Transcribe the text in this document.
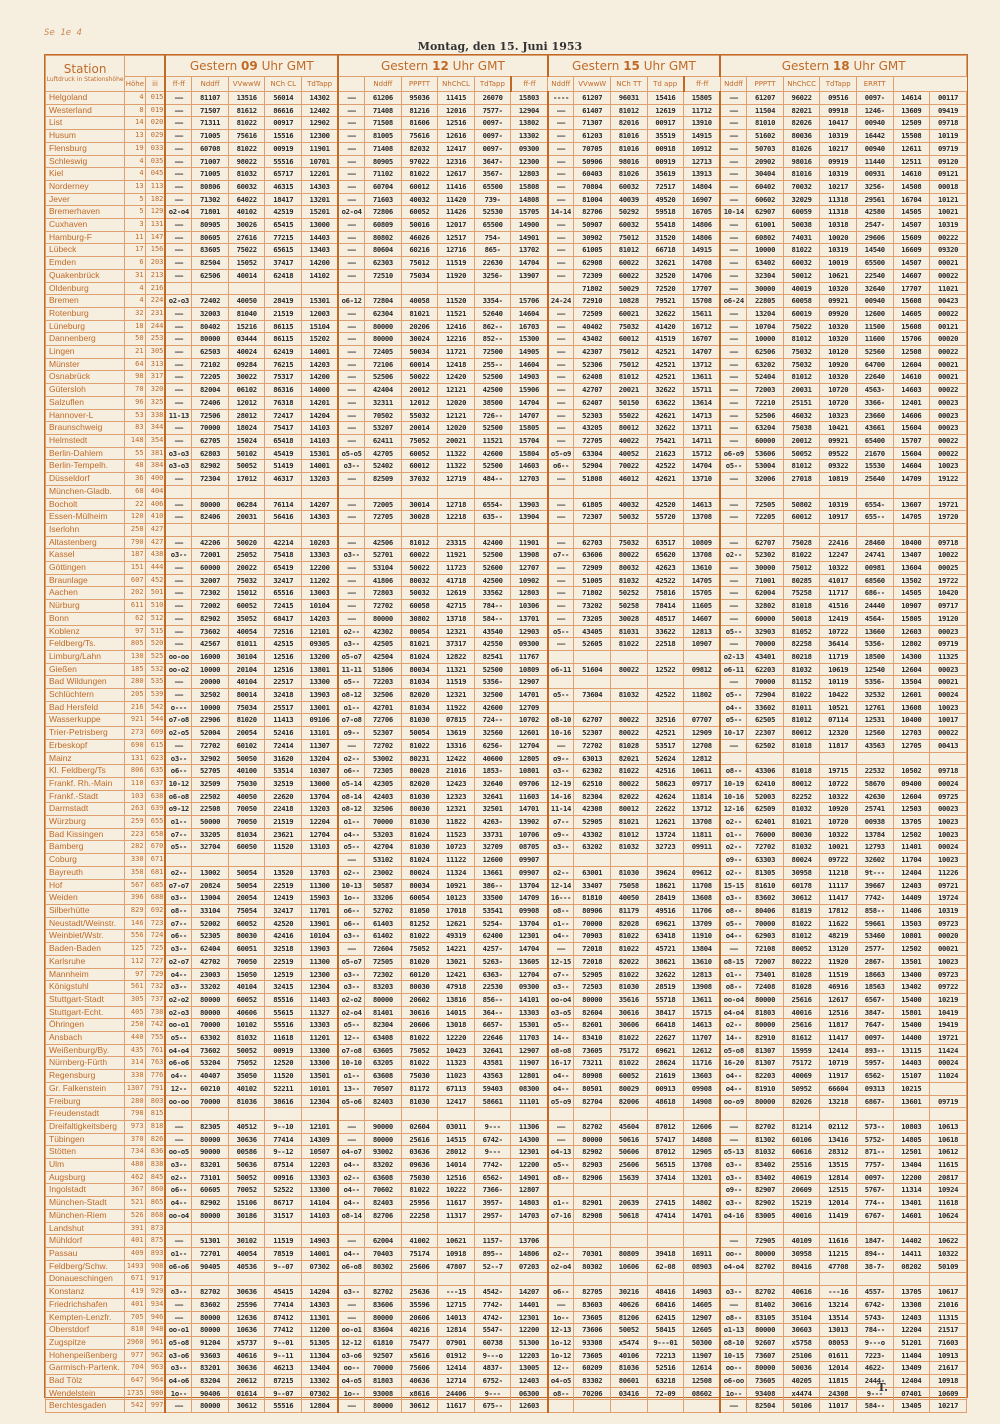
Se 1e 4
Montag, den 15. Juni 1953
Station
Luftdruck in Stationshöhe			Gestern 09 Uhr GMT					Gestern 12 Uhr GMT						Gestern 15 Uhr GMT					Gestern 18 Uhr GMT						
	Höhe	iii	ff-ff	Nddff	VVwwW	NCh CL	TdTapp		Nddff	PPPTT	NhChCL	TdTapp	ff-ff	Nddff	VVwwW	NCh TT	Td app	ff-ff	Nddff	PPPTT	NhChCC	TdTapp	ERRTT		
Helgoland	4	015	——	81107	13516	56014	14302	——	61206	95036	11415	26070	15803	----	61207	96031	15416	15805	——	61207	96022	09516	0097-	14614	00117
Westerland	8	019	——	71507	81612	86616	12402	——	71408	81216	12016	7577-	12904	——	61407	81012	12619	11712	——	11504	82021	09918	1246-	13609	09419
List	14	020	——	71311	81022	00917	12902	——	71508	81606	12516	0097-	13802	——	71307	82016	00917	13910	——	81010	82026	10417	00940	12509	09718
Husum	13	029	——	71005	75616	15516	12300	——	81005	75616	12616	0097-	13302	——	61203	81016	35519	14915	——	51602	80036	10319	16442	15508	10119
Flensburg	19	033	——	60708	81022	00919	11901	——	71408	82032	12417	0097-	09300	——	70705	81016	00918	10912	——	50703	81026	10217	00940	12611	09719
Schleswig	4	035	——	71007	98022	55516	10701	——	80905	97022	12316	3647-	12300	——	50906	98016	00919	12713	——	20902	98016	09919	11440	12511	09120
Kiel	4	045	——	71005	81032	65717	12201	——	71102	81022	12617	3567-	12803	——	60403	81026	35619	13913	——	30404	81016	10319	00931	14610	09121
Norderney	13	113	——	80806	60032	46315	14303	——	60704	60012	11416	65500	15808	——	70804	60032	72517	14804	——	60402	70032	10217	3256-	14508	00018
Jever	5	182	——	71302	64022	18417	13201	——	71603	40032	11420	739-	14808	——	81004	40039	49520	16907	——	60602	32029	11318	29561	16704	10121
Bremerhaven	5	129	o2-o4	71801	40102	42519	15201	o2-o4	72806	60052	11426	52530	15705	14-14	82706	50292	59518	16705	10-14	62907	60059	11318	42580	14505	10021
Cuxhaven	3	131	——	80905	30026	65415	13000	——	60809	50016	12017	65500	14900	——	50907	60032	55418	14806	——	61001	50038	10318	2547-	14507	10319
Hamburg-F	11	147	——	80605	27616	77215	14403	——	80802	46026	12517	754-	14901	——	30902	75012	31520	14806	——	60802	74031	10020	29606	15609	00222
Lübeck	17	156	——	83605	75022	65615	13403	——	80604	60216	12716	865-	13702	——	61005	81012	66718	14915	——	10000	81022	10319	14540	16609	09320
Emden	6	203	——	82504	15052	37417	14200	——	62303	75012	11519	22630	14704	——	62908	60022	32621	14708	——	63402	60032	10019	65500	14507	00021
Quakenbrück	31	213	——	62506	40014	62418	14102	——	72510	75034	11920	3256-	13907	——	72309	60022	32520	14706	——	32304	50012	10621	22540	14607	00022
Oldenburg	4	216													71802	50029	72520	17707	——	30000	40019	10320	32640	17707	11021
Bremen	4	224	o2-o3	72402	40050	28419	15301	o6-12	72804	40058	11520	3354-	15706	24-24	72910	10828	79521	15708	o6-24	22805	60058	09921	00940	15608	00423
Rotenburg	32	231	——	32003	81040	21519	12003	——	62304	81021	11521	52640	14604	——	72509	60021	32622	15611	——	13204	60019	09920	12600	14605	00022
Lüneburg	18	244	——	80402	15216	86115	15104	——	80000	20206	12416	862--	16703	——	40402	75032	41420	16712	——	10704	75022	10320	11500	15608	00121
Dannenberg	50	253	——	80000	03444	86115	15202	——	80000	30024	12216	852--	15300	——	43402	60012	41519	16707	——	10000	81012	10320	11600	15706	00020
Lingen	21	305	——	62503	40024	62419	14001	——	72405	50034	11721	72500	14905	——	42307	75012	42521	14707	——	62506	75032	10120	52560	12508	00022
Münster	64	313	——	72102	09284	76215	14203	——	72106	60014	12418	255--	14604	——	52306	75012	42521	13712	——	63202	75032	10920	64700	12604	00021
Osnabrück	98	317	——	72205	30022	75317	14200	——	52506	50022	12420	52500	14903	——	62408	81012	42521	13611	——	52404	81012	10320	22640	14610	00021
Gütersloh	70	320	——	82004	06102	86316	14000	——	42404	20012	12121	42500	15906	——	42707	20021	32622	15711	——	72003	20031	10720	4563-	14603	00022
Salzuflen	96	325	——	72406	12012	76318	14201	——	32311	12012	12020	38500	14704	——	62407	50150	63622	13614	——	72210	25151	10720	3366-	12401	00023
Hannover-L	53	338	11-13	72506	28012	72417	14204	——	70502	55032	12121	726--	14707	——	52303	55022	42621	14713	——	52506	46032	10323	23660	14606	00023
Braunschweig	83	344	——	70000	18024	75417	14103	——	53207	20014	12020	52500	15805	——	43205	80012	32622	13711	——	63204	75038	10421	43661	15604	00023
Helmstedt	148	354	——	62705	15024	65418	14103	——	62411	75052	20021	11521	15704	——	72705	40022	75421	14711	——	60000	20012	09921	65400	15707	00022
Berlin-Dahlem	55	381	o3-o3	62803	50102	45419	15301	o5-o5	42705	60052	11322	42600	15804	o5-o9	63304	40052	21623	15712	o6-o9	53606	50052	09522	21670	15604	00022
Berlin-Tempelh.	48	384	o3-o3	82902	50052	51419	14001	o3--	52402	60012	11322	52500	14603	o6--	52904	70022	42522	14704	o5--	53004	81012	09322	15530	14604	10023
Düsseldorf	36	400	——	72304	17012	46317	13203	——	82509	37032	12719	484--	12703	——	51808	46012	42621	13710	——	32006	27018	10819	25640	14709	19122
München-Gladb.	68	404																							
Bocholt	22	406	——	80000	06284	76114	14207	——	72005	30014	12718	6554-	13903	——	61805	40032	42520	14613	——	72505	50802	10319	6554-	13607	19721
Essen-Mülheim	120	410	——	82406	20031	56416	14303	——	72705	30028	12218	635--	13904	——	72307	50032	55720	13708	——	72205	60012	10917	655--	14705	19720
Iserlohn	258	427																							
Altastenberg	790	427	——	42206	50020	42214	10203	——	42506	81012	23315	42400	11901	——	62703	75032	63517	10809	——	62707	75028	22416	28460	10400	09718
Kassel	187	438	o3--	72001	25052	75418	13303	o3--	52701	60022	11921	52500	13908	o7--	63606	80022	65620	13708	o2--	52302	81022	12247	24741	13407	10022
Göttingen	151	444	——	60000	20022	65419	12200	——	53104	50022	11723	52600	12707	——	72909	80032	42623	13610	——	30000	75012	10322	00981	13604	00025
Braunlage	607	452	——	32007	75032	32417	11202	——	41806	80032	41718	42500	10902	——	51005	81032	42522	14705	——	71001	80285	41017	68560	13502	19722
Aachen	202	501	——	72302	15012	65516	13003	——	72803	50032	12619	33562	12803	——	71802	50252	75816	15705	——	62004	75258	11717	686--	14505	10420
Nürburg	611	510	——	72002	60052	72415	10104	——	72702	60058	42715	784--	10306	——	73202	50258	78414	11605	——	32802	81018	41516	24440	10907	09717
Bonn	62	512	——	82902	35052	68417	14203	——	80000	30802	13718	584--	13701	——	73205	30028	48517	14607	——	60000	50018	12419	4564-	15805	19120
Koblenz	97	515	——	73602	40054	72516	12101	o2--	42302	80054	12321	43540	12903	o5--	43405	81031	33622	12813	o5--	32903	81052	10722	13660	12603	00023
Feldberg/Ts.	805	520	——	42567	81011	42515	09305	o3--	42505	81021	37317	42550	09300	——	52605	81022	22518	10907	——	70000	82258	36414	5356-	12802	09719
Limburg/Lahn	130	525	oo-oo	16000	30104	12516	13200	o5-o7	42504	81024	12822	82541	11767						o2-13	43401	80218	11719	18500	14300	11325
Gießen	185	532	oo-o2	10000	20104	12516	13801	11-11	51806	80034	11321	52500	10809	o6-11	51604	80022	12522	09812	o6-11	62203	81032	10619	12540	12604	00023
Bad Wildungen	280	535	——	20000	40104	22517	13300	o5--	72203	81034	11519	5356-	12907						——	70000	81152	10119	5356-	13504	00021
Schlüchtern	205	539	——	32502	80014	32418	13903	o8-12	32506	82020	12321	32500	14701	o5--	73604	81032	42522	11802	o5--	72904	81022	10422	32532	12601	00024
Bad Hersfeld	216	542	o---	10000	75034	25517	13001	o1--	42701	81034	11922	42600	12709						o4--	33602	81011	10521	12761	13608	10023
Wasserkuppe	921	544	o7-o8	22906	81020	11413	09106	o7-o8	72706	81030	07815	724--	10702	o8-10	62707	80022	32516	07707	o5--	62505	81012	07114	12531	10400	10017
Trier-Petrisberg	273	609	o2-o5	52004	20054	52416	13101	o9--	52307	50054	13619	32560	12601	10-16	52307	80022	42521	12909	10-17	22307	80012	12320	12560	12703	00022
Erbeskopf	690	615	——	72702	60102	72414	11307	——	72702	81022	13316	6256-	12704	——	72702	81028	53517	12708	——	62502	81018	11817	43563	12705	00413
Mainz	131	623	o3--	32902	50050	31620	13204	o2--	53002	80231	12422	40600	12805	o9--	63013	82021	52624	12812							
Kl. Feldberg/Ts	806	635	o6--	52705	40100	53514	10307	o6--	72305	80028	21016	1853-	10801	o3--	62302	81022	42516	10611	o8--	43306	81018	19715	22532	10502	09718
Frankf. Rh.-Main	110	637	10-12	32509	75030	32519	13000	o5-14	42305	82020	12423	32640	09706	12-19	62510	80022	58623	09717	10-19	62410	80012	10722	58670	09400	00024
Frankf.-Stadt	103	638	o6-o8	22502	40050	22620	13704	o8-14	42403	81030	12323	32641	11603	14-16	82304	82022	42624	11814	10-16	52003	82252	10322	42630	12604	09725
Darmstadt	263	639	o9-12	22508	70050	22418	13203	o8-12	32506	80030	12321	32501	14701	11-14	42308	80012	22622	13712	12-16	62509	81032	10920	25741	12503	00023
Würzburg	259	655	o1--	50000	70050	21519	12204	o1--	70000	81030	11822	4263-	13902	o7--	52905	81021	12621	13708	o2--	62401	81021	10720	00938	13705	10023
Bad Kissingen	223	658	o7--	33205	81034	23621	12704	o4--	53203	81024	11523	33731	10706	o9--	43302	81012	13724	11811	o1--	76000	80030	10322	13784	12502	10023
Bamberg	282	670	o5--	32704	60050	11520	13103	o5--	42704	81030	10723	32709	08705	o3--	63202	81032	32723	09911	o2--	72702	81032	10021	12793	11401	00024
Coburg	330	671						——	53102	81024	11122	12600	09907						o9--	63303	80024	09722	32602	11704	10023
Bayreuth	358	681	o2--	13002	50054	13520	13703	o2--	23002	80024	11324	13661	09907	o2--	63001	81030	39624	09612	o2--	81305	30958	11218	9t---	12404	11226
Hof	567	685	o7-o7	20824	50054	22519	11300	10-13	50587	80034	10921	386--	13704	12-14	33407	75058	18621	11708	15-15	81610	60178	11117	39667	12403	09721
Weiden	396	688	o3--	13004	20054	12419	15903	1o--	33206	60054	10123	33500	14709	16---	81810	40050	28419	13608	o3--	83602	30612	11417	7742-	14409	19724
Silberhütte	829	692	o8--	33104	75054	32417	11701	o6--	52702	81050	17018	53541	09908	o8--	80906	81179	49516	11706	o8--	80406	81819	17812	858--	11406	10319
Neustadt/Weinstr.	146	723	o7--	52002	60052	42520	13901	o6--	61403	81252	12621	5254-	13704	o1--	70000	82028	69621	13709	o5--	70000	81022	11622	59661	13503	09723
Weinbiet/Wstr.	556	724	o6--	52305	80030	42416	10104	o3--	61402	81022	49319	62400	12301	o4--	70903	81022	63418	11910	o4--	62903	81012	48219	53460	10801	00020
Baden-Baden	125	725	o3--	62404	60051	32518	13903	——	72604	75052	14221	4257-	14704	——	72018	81022	45721	13804	——	72108	80052	13120	2577-	12502	00021
Karlsruhe	112	727	o2-o7	42702	70050	22519	11300	o5-o7	72505	81020	13021	5263-	13605	12-15	72018	82022	38621	13610	o8-15	72007	80222	11920	2867-	13501	10023
Mannheim	97	729	o4--	23003	15050	12519	12300	o3--	72302	60120	12421	6363-	12704	o7--	52905	81022	32622	12813	o1--	73401	81028	11519	18663	13400	09723
Königstuhl	561	732	o3--	33202	40104	32415	12304	o3--	83203	80030	47918	22530	09300	o3--	72503	81030	28519	13908	o8--	72408	81028	46916	18563	13402	09722
Stuttgart-Stadt	305	737	o2-o2	80000	60052	85516	11403	o2-o2	80000	20602	13816	856--	14101	oo-o4	80000	35616	55718	13611	oo-o4	80000	25616	12617	6567-	15400	10219
Stuttgart-Echt.	405	738	o2-o3	80000	40606	55615	11327	o2-o4	81401	30616	14015	364--	13303	o3-o5	82604	30616	38417	15715	o4-o4	81803	40016	12516	3847-	15801	10419
Öhringen	250	742	oo-o1	70000	10102	55516	13303	o5--	82304	20606	13018	6657-	15301	o5--	82601	30606	66418	14613	o2--	80000	25616	11817	7647-	15400	19419
Ansbach	440	755	o5--	63302	81032	11618	11201	12--	63408	81022	12220	22646	11703	14--	83410	81022	22627	11707	14--	82910	81612	11417	0097-	14400	19721
Weißenburg/By.	435	761	o4-o4	73602	50052	00919	13300	o7-o8	63605	75052	10423	32641	12907	o8-o8	73605	75172	69621	12612	o5-o8	81307	15959	12414	893--	13115	11424
Nürnberg-Fürth	314	763	o6-o6	53204	75052	12520	13300	10-10	63205	81022	11323	43581	11907	16-17	73211	81022	28624	11716	16-20	81307	75172	10719	5957-	14403	00024
Regensburg	338	776	o4--	40407	35050	11520	13501	o1--	63608	75030	11023	43563	12801	o4--	80908	60052	21619	13603	o4--	82203	40069	11917	6562-	15107	11024
Gr. Falkenstein	1307	791	12--	60210	40102	52211	10101	13--	70507	81172	67113	59403	08300	o4--	80501	80029	00913	09908	o4--	81910	50952	66604	09313	10215	
Freiburg	280	803	oo-oo	70000	81036	38616	12304	o5-o6	82403	81030	12417	58661	11101	o5-o9	82704	82006	48618	14908	oo-o9	80000	82026	13218	6867-	13601	09719
Freudenstadt	798	815																							
Dreifaltigkeitsberg	973	818	——	82305	40512	9--10	12101	——	90000	02604	03011	9---	11306	——	82702	45604	87012	12606	——	82702	81214	02112	573--	10803	10613
Tübingen	370	826	——	80000	30636	77414	14309	——	80000	25616	14515	6742-	14300	——	80000	50616	57417	14808	——	81302	60106	13416	5752-	14805	10618
Stötten	734	836	oo-o5	90000	00586	9--12	10507	o4-o7	93002	03636	28012	9---	12301	o4-13	82902	50606	87012	12905	o5-13	81032	60616	28312	871--	12501	10612
Ulm	480	838	o3--	83201	50636	87514	12203	o4--	83202	09636	14014	7742-	12200	o5--	82903	25606	56515	13708	o3--	83402	25516	13515	7757-	13404	11615
Augsburg	462	845	o2--	73101	50052	00916	13303	o2--	63608	75030	12516	6562-	14901	o8--	82906	15639	37414	13201	o3--	83402	40619	12814	0097-	12200	20817
Ingolstadt	367	860	o6--	60605	70052	52522	13300	o4--	70602	81022	10222	7366-	12807						o9--	82907	20609	12515	5767-	11314	10924
München-Stadt	521	865	o4--	82902	15106	86717	14104	o4--	82403	25956	11617	3957-	14803	o1--	82901	20639	27415	14802	o3--	82902	15219	12014	774--	13401	11618
München-Riem	526	868	oo-o4	80000	30186	31517	14103	o8-14	82706	22258	11317	2957-	14703	o7-16	82908	50618	47414	14701	o4-16	83005	40016	11419	6767-	14601	10624
Landshut	391	873																							
Mühldorf	401	875	——	51301	30102	11519	14903	——	62004	41002	10621	1157-	13706						——	72905	40109	11616	1847-	14402	10622
Passau	409	893	o1--	72701	40054	78519	14001	o4--	70403	75174	10918	895--	14806	o2--	70301	80809	39418	16911	oo--	80000	30958	11215	894--	14411	10322
Feldberg/Schw.	1493	908	o6-o6	90405	40536	9--07	07302	o6-o8	80302	25606	47807	52--7	07203	o2-o4	80302	10606	62-08	08903	o4-o4	82702	80416	47708	38-7-	08202	50109
Donaueschingen	671	917																							
Konstanz	419	929	o3--	82702	30636	45415	14204	o3--	82702	25636	---15	4542-	14207	o6--	82705	30216	48416	14903	o3--	82702	40616	---16	4557-	13705	10617
Friedrichshafen	401	934	——	83602	25596	77414	14303	——	83606	35596	12715	7742-	14401	——	83603	40626	68416	14605	——	81402	30616	13214	6742-	13308	21016
Kempten-Lenzfr.	705	946	——	80000	12636	87412	11301	——	80000	20606	14013	4742-	12301	1o--	73605	81206	62415	12907	o8--	83105	35104	13514	5743-	12403	11315
Oberstdorf	810	948	oo-o1	80000	10636	77412	11200	oo-o1	83604	40216	12814	5547-	12200	12-13	73606	50052	58415	12605	o1-13	80000	30603	13013	784--	12204	21517
Zugspitze	2960	961	o5-o8	91204	x5737	9--01	51305	12-12	61810	75477	07901	60738	51300	1o-12	93308	x5474	9---01	50300	o8-10	92607	x5758	08053	9---o	51201	71603
Hohenpeißenberg	977	962	o3-o6	93603	40616	9--11	11304	o3-o6	92507	x5616	01912	9---o	12203	1o-12	73605	40106	72213	11907	10-15	73607	25106	01611	7223-	11404	10913
Garmisch-Partenk.	704	963	o3--	83201	30636	46213	13404	oo--	70000	75606	12414	4837-	13005	12--	60209	81036	52516	12614	oo--	80000	50036	12014	4622-	13409	21617
Bad Tölz	647	964	o4-o6	83204	20612	87215	13302	o4-o5	81803	40636	12714	6752-	12403	o4-o5	83302	80601	63218	12508	o6-oo	73605	40205	11815	2444-	12404	10918
Wendelstein	1735	980	1o--	90406	01614	9--07	07302	1o--	93008	x8616	24406	9---	06300	o8--	70206	03416	72-09	08602	1o--	93408	x4474	24308	9---	07401	10609
Berchtesgaden	542	997	——	80000	30612	55516	12804	——	80000	30612	11617	675--	12603						——	82504	50106	11017	584--	13405	10217
T.
